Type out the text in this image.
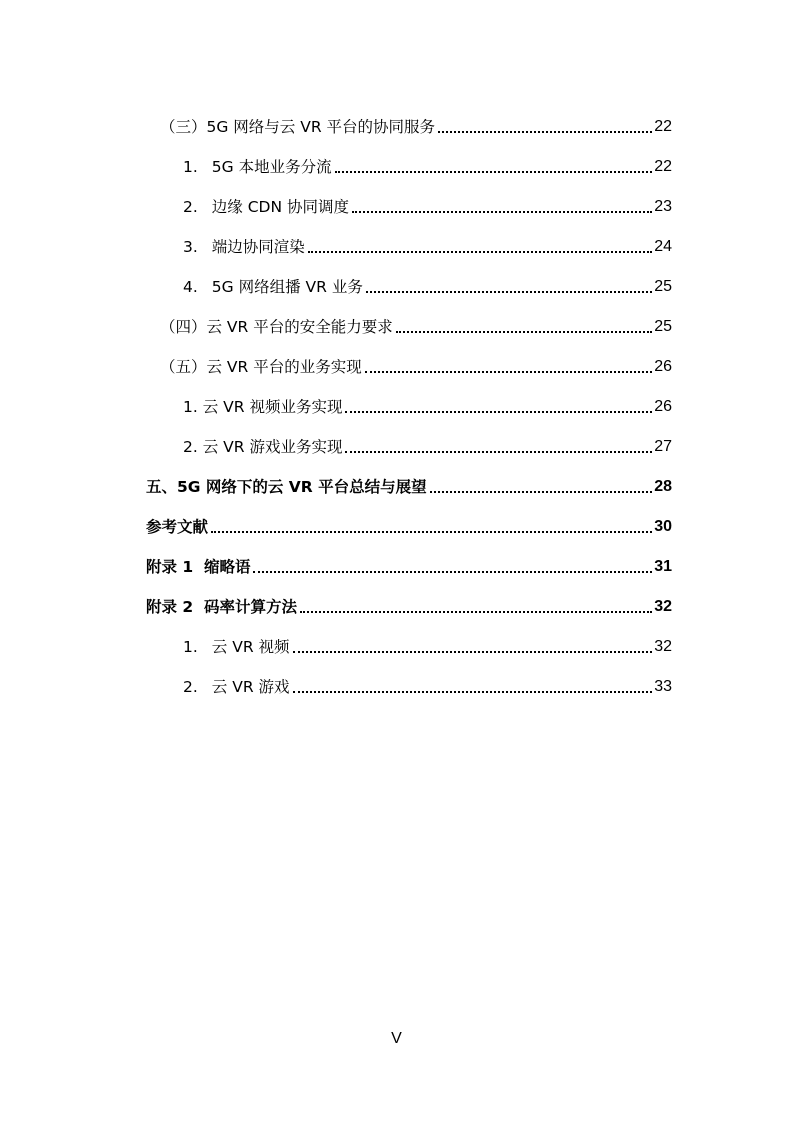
（三）5G 网络与云 VR 平台的协同服务	22
1. 5G 本地业务分流	22
2. 边缘 CDN 协同调度	23
3. 端边协同渲染	24
4. 5G 网络组播 VR 业务	25
（四）云 VR 平台的安全能力要求	25
（五）云 VR 平台的业务实现	26
1. 云 VR 视频业务实现	26
2. 云 VR 游戏业务实现	27
五、5G 网络下的云 VR 平台总结与展望	28
参考文献	30
附录 1  缩略语	31
附录 2  码率计算方法	32
1. 云 VR 视频	32
2. 云 VR 游戏	33
V
